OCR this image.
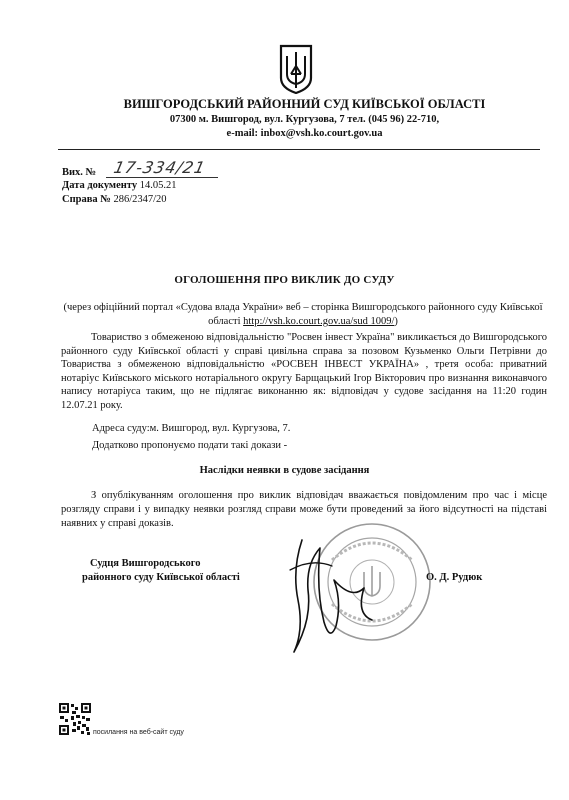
ВИШГОРОДСЬКИЙ РАЙОННИЙ СУД КИЇВСЬКОЇ ОБЛАСТІ
07300 м. Вишгород, вул. Кургузова, 7 тел. (045 96) 22-710,
e-mail: inbox@vsh.ko.court.gov.ua
Вих. № 17-334/21
Дата документу 14.05.21
Справа № 286/2347/20
ОГОЛОШЕННЯ ПРО ВИКЛИК ДО СУДУ
(через офіційний портал «Судова влада України» веб – сторінка Вишгородського районного суду Київської області http://vsh.ko.court.gov.ua/sud 1009/)

Товариство з обмеженою відповідальністю "Росвен інвест Україна" викликається до Вишгородського районного суду Київської області у справі цивільна справа за позовом Кузьменко Ольги Петрівни до Товариства з обмеженою відповідальністю «РОСВЕН ІНВЕСТ УКРАЇНА» , третя особа: приватний нотаріус Київського міського нотаріального округу Барщацький Ігор Вікторович про визнання виконавчого напису нотаріуса таким, що не підлягає виконанню як: відповідач у судове засідання на 11:20 годин 12.07.21 року.

Адреса суду:м. Вишгород, вул. Кургузова, 7.
Додатково пропонуємо подати такі докази -
Наслідки неявки в судове засідання

З опублікуванням оголошення про виклик відповідач вважається повідомленим про час і місце розгляду справи і у випадку неявки розгляд справи може бути проведений за його відсутності на підставі наявних у справі доказів.

Судця Вишгородського
районного суду Київської області	О. Д. Рудюк
посилання на веб-сайт суду
